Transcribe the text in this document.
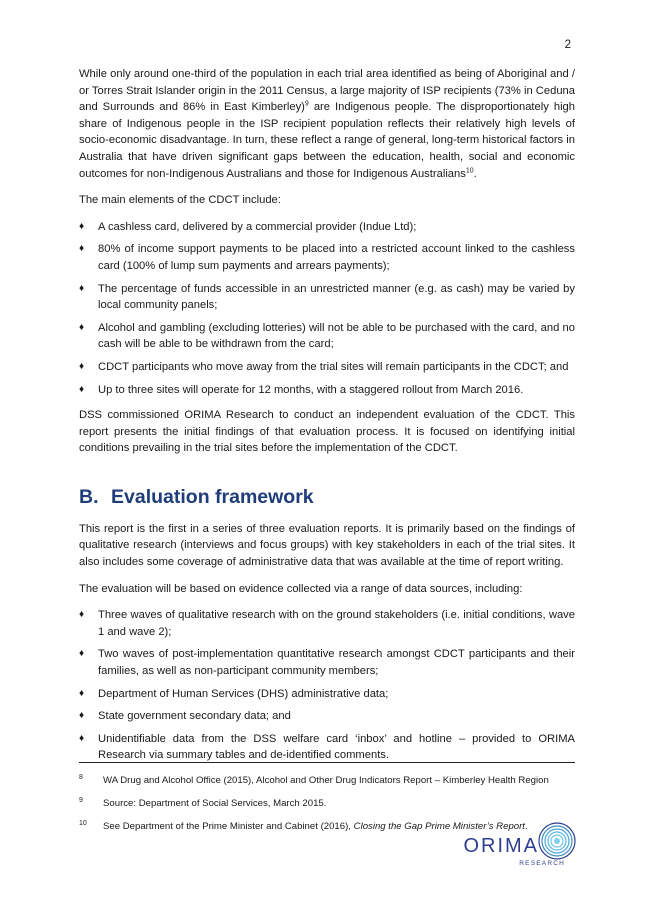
2

While only around one-third of the population in each trial area identified as being of Aboriginal and / or Torres Strait Islander origin in the 2011 Census, a large majority of ISP recipients (73% in Ceduna and Surrounds and 86% in East Kimberley)$^9$ are Indigenous people. The disproportionately high share of Indigenous people in the ISP recipient population reflects their relatively high levels of socio-economic disadvantage. In turn, these reflect a range of general, long-term historical factors in Australia that have driven significant gaps between the education, health, social and economic outcomes for non-Indigenous Australians and those for Indigenous Australians$^{10}$.

The main elements of the CDCT include:

♦ A cashless card, delivered by a commercial provider (Indue Ltd);
♦ 80% of income support payments to be placed into a restricted account linked to the cashless card (100% of lump sum payments and arrears payments);
♦ The percentage of funds accessible in an unrestricted manner (e.g. as cash) may be varied by local community panels;
♦ Alcohol and gambling (excluding lotteries) will not be able to be purchased with the card, and no cash will be able to be withdrawn from the card;
♦ CDCT participants who move away from the trial sites will remain participants in the CDCT; and
♦ Up to three sites will operate for 12 months, with a staggered rollout from March 2016.

DSS commissioned ORIMA Research to conduct an independent evaluation of the CDCT. This report presents the initial findings of that evaluation process. It is focused on identifying initial conditions prevailing in the trial sites before the implementation of the CDCT.

B. Evaluation framework

This report is the first in a series of three evaluation reports. It is primarily based on the findings of qualitative research (interviews and focus groups) with key stakeholders in each of the trial sites. It also includes some coverage of administrative data that was available at the time of report writing.

The evaluation will be based on evidence collected via a range of data sources, including:

♦ Three waves of qualitative research with on the ground stakeholders (i.e. initial conditions, wave 1 and wave 2);
♦ Two waves of post-implementation quantitative research amongst CDCT participants and their families, as well as non-participant community members;
♦ Department of Human Services (DHS) administrative data;
♦ State government secondary data; and
♦ Unidentifiable data from the DSS welfare card ‘inbox’ and hotline – provided to ORIMA Research via summary tables and de-identified comments.
8 WA Drug and Alcohol Office (2015), Alcohol and Other Drug Indicators Report – Kimberley Health Region
9 Source: Department of Social Services, March 2015.
10 See Department of the Prime Minister and Cabinet (2016), Closing the Gap Prime Minister’s Report.
ORIMA
RESEARCH
